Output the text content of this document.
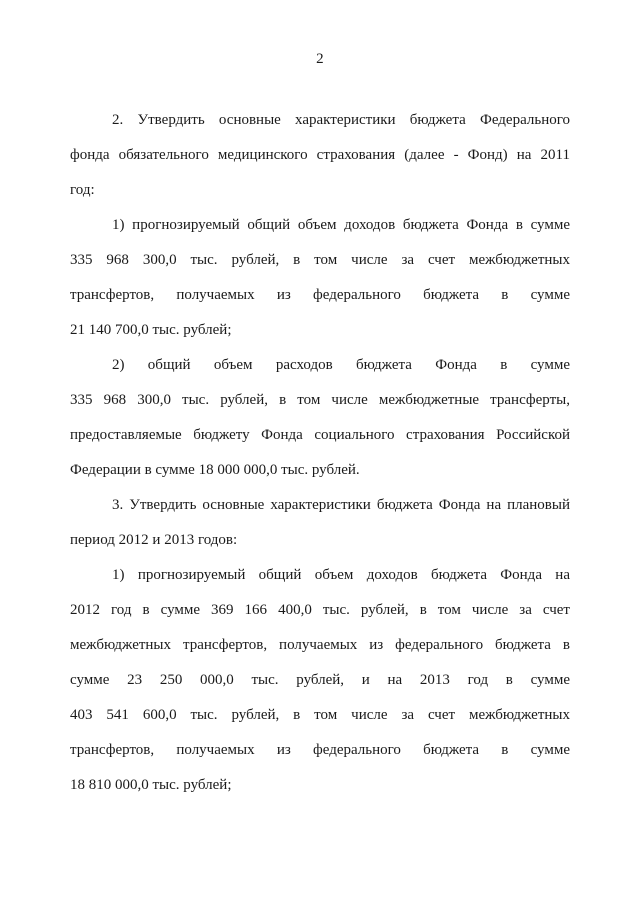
2
2. Утвердить основные характеристики бюджета Федерального
фонда обязательного медицинского страхования (далее - Фонд) на 2011
год:
1) прогнозируемый общий объем доходов бюджета Фонда в сумме
335 968 300,0 тыс. рублей, в том числе за счет межбюджетных
трансфертов, получаемых из федерального бюджета в сумме
21 140 700,0 тыс. рублей;
2) общий объем расходов бюджета Фонда в сумме
335 968 300,0 тыс. рублей, в том числе межбюджетные трансферты,
предоставляемые бюджету Фонда социального страхования Российской
Федерации в сумме 18 000 000,0 тыс. рублей.
3. Утвердить основные характеристики бюджета Фонда на плановый
период 2012 и 2013 годов:
1) прогнозируемый общий объем доходов бюджета Фонда на
2012 год в сумме 369 166 400,0 тыс. рублей, в том числе за счет
межбюджетных трансфертов, получаемых из федерального бюджета в
сумме 23 250 000,0 тыс. рублей, и на 2013 год в сумме
403 541 600,0 тыс. рублей, в том числе за счет межбюджетных
трансфертов, получаемых из федерального бюджета в сумме
18 810 000,0 тыс. рублей;
